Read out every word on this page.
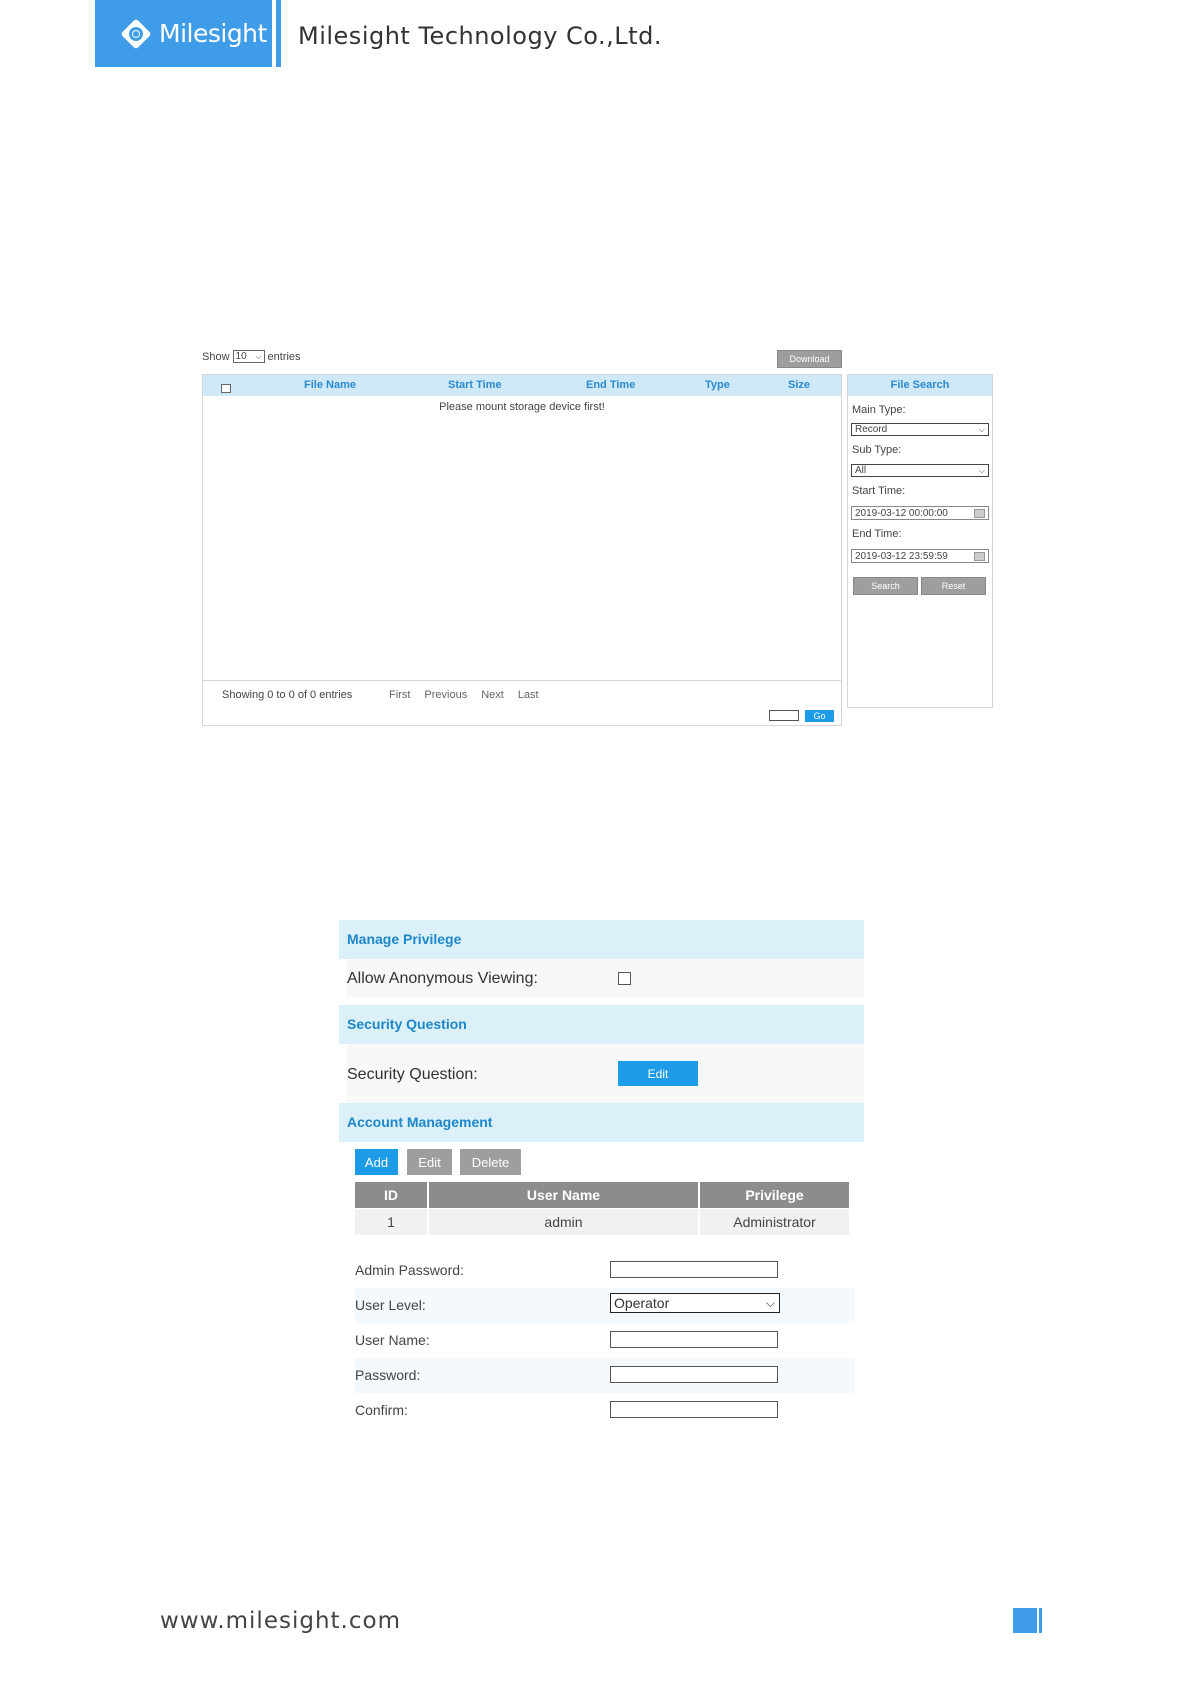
Milesight Milesight Technology Co.,Ltd.
Show 10 ⌵ entries	Download
File Name	Start Time	End Time	Type	Size
Please mount storage device first!
Showing 0 to 0 of 0 entries	First Previous Next Last
Go
File Search
Main Type:
Record	⌵
Sub Type:
All	⌵
Start Time:
2019-03-12 00:00:00
End Time:
2019-03-12 23:59:59
Search	Reset
Manage Privilege
Allow Anonymous Viewing:
Security Question
Security Question:	Edit
Account Management
Add	Edit	Delete
ID	User Name	Privilege
1	admin	Administrator
Admin Password:
User Level:	Operator	⌵
User Name:
Password:
Confirm:
www.milesight.com
